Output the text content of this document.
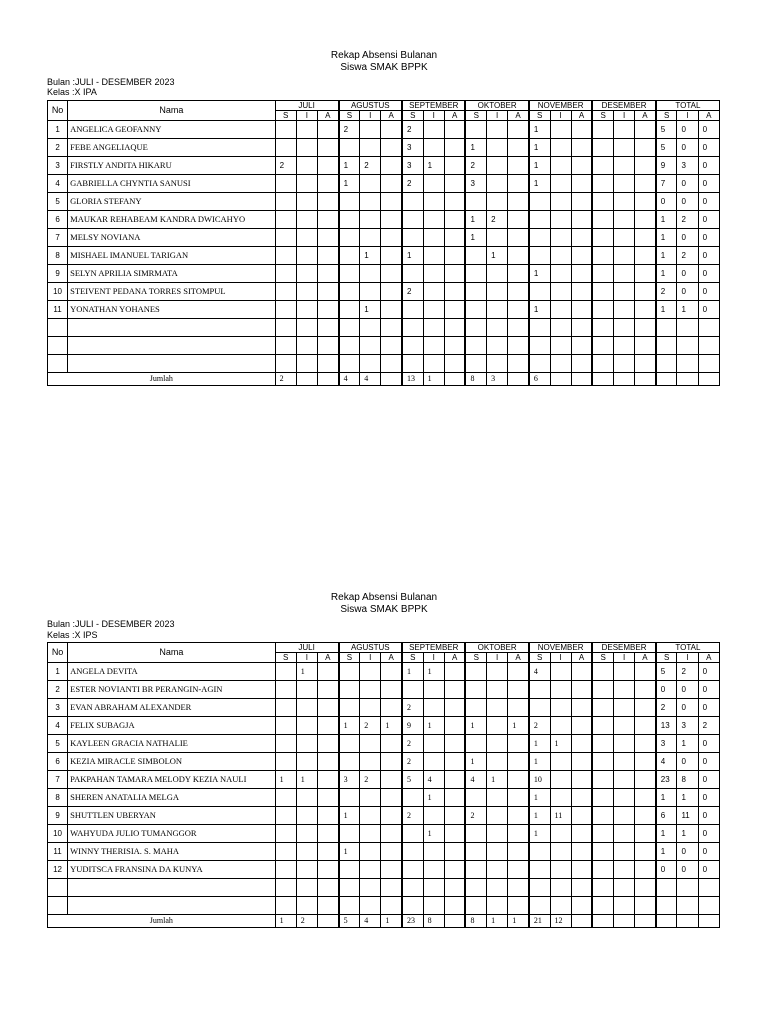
Rekap Absensi Bulanan
Siswa SMAK BPPK
Bulan :JULI - DESEMBER 2023
Kelas :X IPA
No	Nama	JULI			AGUSTUS			SEPTEMBER			OKTOBER			NOVEMBER			DESEMBER			TOTAL		
		S	I	A	S	I	A	S	I	A	S	I	A	S	I	A	S	I	A	S	I	A
1	ANGELICA GEOFANNY				2			2						1						5	0	0
2	FEBE ANGELIAQUE							3			1			1						5	0	0
3	FIRSTLY ANDITA HIKARU	2			1	2		3	1		2			1						9	3	0
4	GABRIELLA CHYNTIA SANUSI				1			2			3			1						7	0	0
5	GLORIA STEFANY																			0	0	0
6	MAUKAR REHABEAM KANDRA DWICAHYO										1	2								1	2	0
7	MELSY NOVIANA										1									1	0	0
8	MISHAEL IMANUEL TARIGAN					1		1				1								1	2	0
9	SELYN APRILIA SIMRMATA													1						1	0	0
10	STEIVENT PEDANA TORRES SITOMPUL							2												2	0	0
11	YONATHAN YOHANES					1								1						1	1	0

Jumlah		2			4	4		13	1		8	3		6								
Rekap Absensi Bulanan
Siswa SMAK BPPK
Bulan :JULI - DESEMBER 2023
Kelas :X IPS
No	Nama	JULI			AGUSTUS			SEPTEMBER			OKTOBER			NOVEMBER			DESEMBER			TOTAL		
		S	I	A	S	I	A	S	I	A	S	I	A	S	I	A	S	I	A	S	I	A
1	ANGELA DEVITA		1					1	1					4						5	2	0
2	ESTER NOVIANTI BR PERANGIN-AGIN																			0	0	0
3	EVAN ABRAHAM ALEXANDER							2												2	0	0
4	FELIX SUBAGJA				1	2	1	9	1		1		1	2						13	3	2
5	KAYLEEN GRACIA NATHALIE							2						1	1					3	1	0
6	KEZIA MIRACLE SIMBOLON							2			1			1						4	0	0
7	PAKPAHAN TAMARA MELODY KEZIA NAULI	1	1		3	2		5	4		4	1		10						23	8	0
8	SHEREN ANATALIA MELGA								1					1						1	1	0
9	SHUTTLEN UBERYAN				1			2			2			1	11					6	11	0
10	WAHYUDA JULIO TUMANGGOR								1					1						1	1	0
11	WINNY THERISIA. S. MAHA				1															1	0	0
12	YUDITSCA FRANSINA DA KUNYA																			0	0	0

Jumlah		1	2		5	4	1	23	8		8	1	1	21	12							
